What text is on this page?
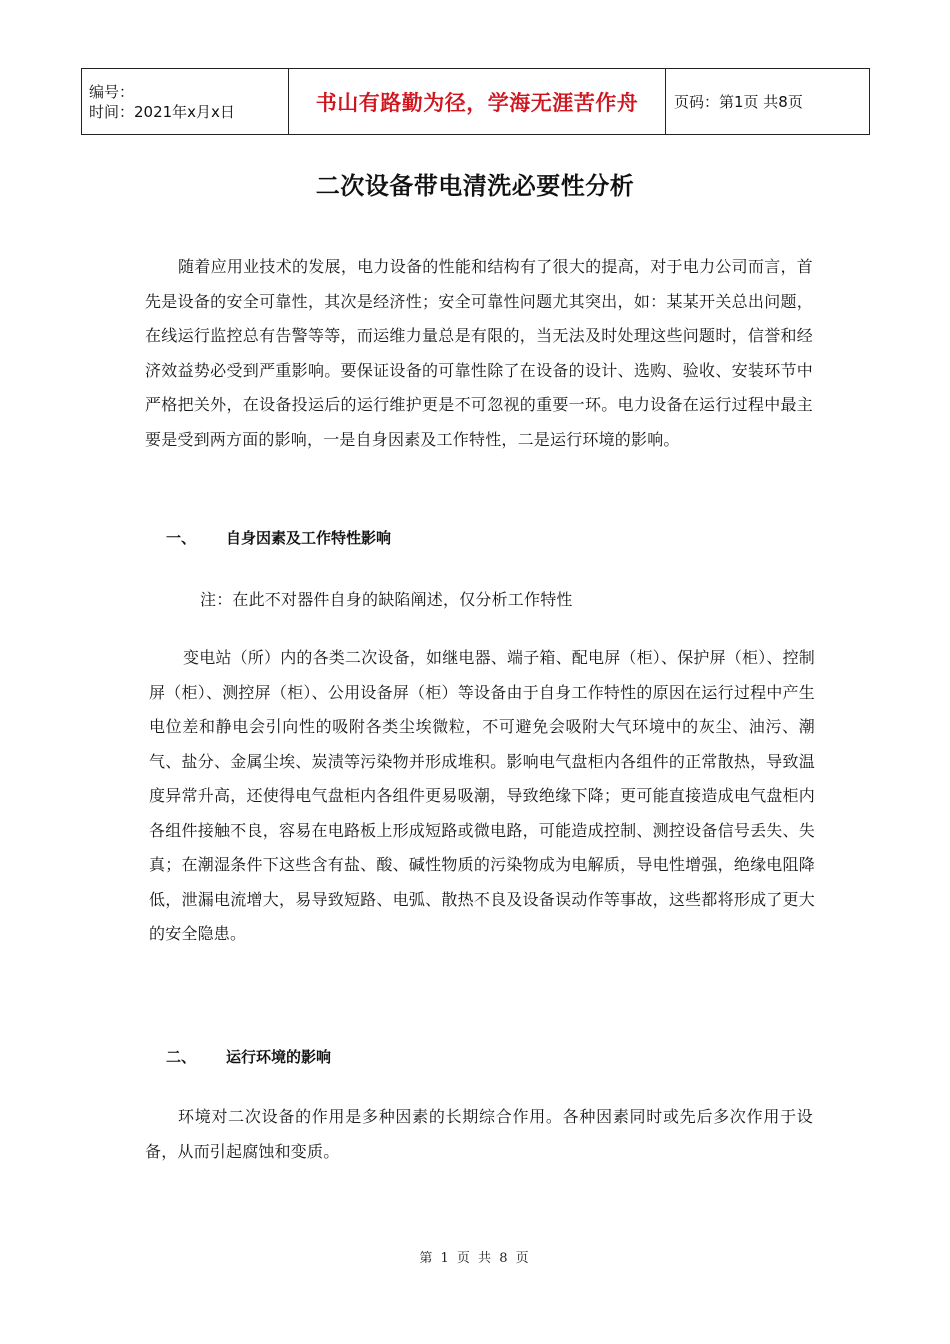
编号：
时间：2021年x月x日	书山有路勤为径，学海无涯苦作舟	页码：第1页 共8页
二次设备带电清洗必要性分析

随着应用业技术的发展，电力设备的性能和结构有了很大的提高，对于电力公司而言，首先是设备的安全可靠性，其次是经济性；安全可靠性问题尤其突出，如：某某开关总出问题，在线运行监控总有告警等等，而运维力量总是有限的，当无法及时处理这些问题时，信誉和经济效益势必受到严重影响。要保证设备的可靠性除了在设备的设计、选购、验收、安装环节中严格把关外，在设备投运后的运行维护更是不可忽视的重要一环。电力设备在运行过程中最主要是受到两方面的影响，一是自身因素及工作特性，二是运行环境的影响。

一、 自身因素及工作特性影响

注：在此不对器件自身的缺陷阐述，仅分析工作特性

变电站（所）内的各类二次设备，如继电器、端子箱、配电屏（柜）、保护屏（柜）、控制屏（柜）、测控屏（柜）、公用设备屏（柜）等设备由于自身工作特性的原因在运行过程中产生电位差和静电会引向性的吸附各类尘埃微粒，不可避免会吸附大气环境中的灰尘、油污、潮气、盐分、金属尘埃、炭渍等污染物并形成堆积。影响电气盘柜内各组件的正常散热，导致温度异常升高，还使得电气盘柜内各组件更易吸潮，导致绝缘下降；更可能直接造成电气盘柜内各组件接触不良，容易在电路板上形成短路或微电路，可能造成控制、测控设备信号丢失、失真；在潮湿条件下这些含有盐、酸、碱性物质的污染物成为电解质，导电性增强，绝缘电阻降低，泄漏电流增大，易导致短路、电弧、散热不良及设备误动作等事故，这些都将形成了更大的安全隐患。

二、 运行环境的影响

环境对二次设备的作用是多种因素的长期综合作用。各种因素同时或先后多次作用于设备，从而引起腐蚀和变质。

第 1 页 共 8 页
